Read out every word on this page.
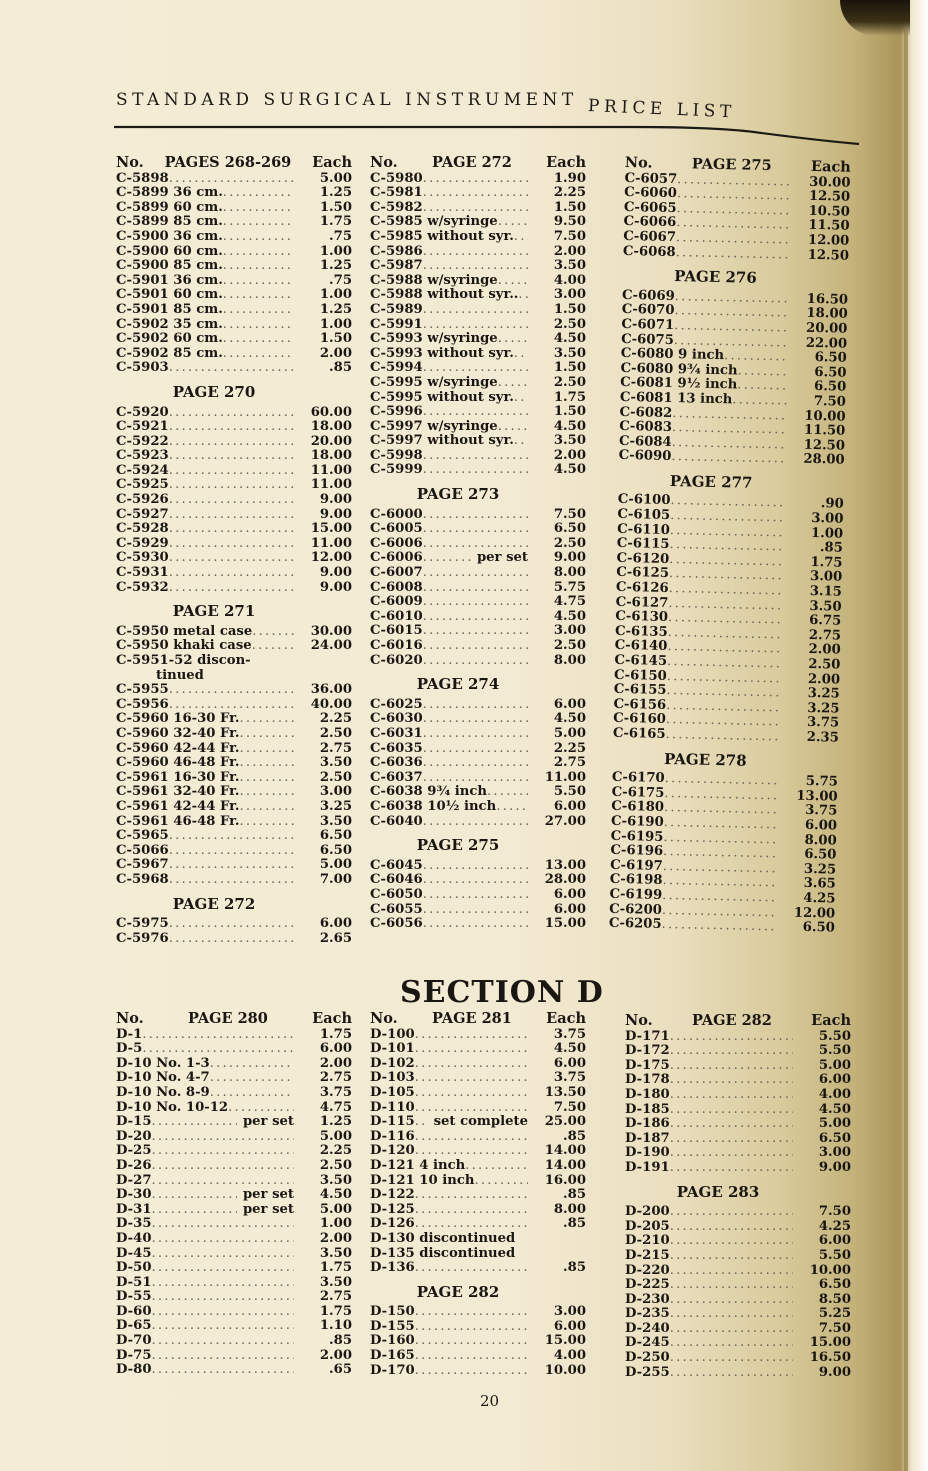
STANDARD SURGICAL INSTRUMENT PRICE LIST
No.	PAGES 268-269	Each
C-5898 .....	5.00
C-5899 36 cm. .....	1.25
C-5899 60 cm. .....	1.50
C-5899 85 cm. .....	1.75
C-5900 36 cm. .....	.75
C-5900 60 cm. .....	1.00
C-5900 85 cm. .....	1.25
C-5901 36 cm. .....	.75
C-5901 60 cm. .....	1.00
C-5901 85 cm. .....	1.25
C-5902 35 cm. .....	1.00
C-5902 60 cm. .....	1.50
C-5902 85 cm. .....	2.00
C-5903 .....	.85
PAGE 270
C-5920 .....	60.00
C-5921 .....	18.00
C-5922 .....	20.00
C-5923 .....	18.00
C-5924 .....	11.00
C-5925 .....	11.00
C-5926 .....	9.00
C-5927 .....	9.00
C-5928 .....	15.00
C-5929 .....	11.00
C-5930 .....	12.00
C-5931 .....	9.00
C-5932 .....	9.00
PAGE 271
C-5950 metal case .....	30.00
C-5950 khaki case .....	24.00
C-5951-52 discon-
tinued
C-5955 .....	36.00
C-5956 .....	40.00
C-5960 16-30 Fr. .....	2.25
C-5960 32-40 Fr. .....	2.50
C-5960 42-44 Fr. .....	2.75
C-5960 46-48 Fr. .....	3.50
C-5961 16-30 Fr. .....	2.50
C-5961 32-40 Fr. .....	3.00
C-5961 42-44 Fr. .....	3.25
C-5961 46-48 Fr. .....	3.50
C-5965 .....	6.50
C-5066 .....	6.50
C-5967 .....	5.00
C-5968 .....	7.00
PAGE 272
C-5975 .....	6.00
C-5976 .....	2.65
No.	PAGE 272	Each
C-5980 .....	1.90
C-5981 .....	2.25
C-5982 .....	1.50
C-5985 w/syringe .....	9.50
C-5985 without syr. .....	7.50
C-5986 .....	2.00
C-5987 .....	3.50
C-5988 w/syringe .....	4.00
C-5988 without syr.. .....	3.00
C-5989 .....	1.50
C-5991 .....	2.50
C-5993 w/syringe .....	4.50
C-5993 without syr. .....	3.50
C-5994 .....	1.50
C-5995 w/syringe .....	2.50
C-5995 without syr. .....	1.75
C-5996 .....	1.50
C-5997 w/syringe .....	4.50
C-5997 without syr. .....	3.50
C-5998 .....	2.00
C-5999 .....	4.50
PAGE 273
C-6000 .....	7.50
C-6005 .....	6.50
C-6006 .....	2.50
C-6006 .....	per set	9.00
C-6007 .....	8.00
C-6008 .....	5.75
C-6009 .....	4.75
C-6010 .....	4.50
C-6015 .....	3.00
C-6016 .....	2.50
C-6020 .....	8.00
PAGE 274
C-6025 .....	6.00
C-6030 .....	4.50
C-6031 .....	5.00
C-6035 .....	2.25
C-6036 .....	2.75
C-6037 .....	11.00
C-6038 9¾ inch .....	5.50
C-6038 10½ inch .....	6.00
C-6040 .....	27.00
PAGE 275
C-6045 .....	13.00
C-6046 .....	28.00
C-6050 .....	6.00
C-6055 .....	6.00
C-6056 .....	15.00
No.	PAGE 275	Each
C-6057 .....	30.00
C-6060 .....	12.50
C-6065 .....	10.50
C-6066 .....	11.50
C-6067 .....	12.00
C-6068 .....	12.50
PAGE 276
C-6069 .....	16.50
C-6070 .....	18.00
C-6071 .....	20.00
C-6075 .....	22.00
C-6080 9 inch .....	6.50
C-6080 9¾ inch .....	6.50
C-6081 9½ inch .....	6.50
C-6081 13 inch .....	7.50
C-6082 .....	10.00
C-6083 .....	11.50
C-6084 .....	12.50
C-6090 .....	28.00
PAGE 277
C-6100 .....	.90
C-6105 .....	3.00
C-6110 .....	1.00
C-6115 .....	.85
C-6120 .....	1.75
C-6125 .....	3.00
C-6126 .....	3.15
C-6127 .....	3.50
C-6130 .....	6.75
C-6135 .....	2.75
C-6140 .....	2.00
C-6145 .....	2.50
C-6150 .....	2.00
C-6155 .....	3.25
C-6156 .....	3.25
C-6160 .....	3.75
C-6165 .....	2.35
PAGE 278
C-6170 .....	5.75
C-6175 .....	13.00
C-6180 .....	3.75
C-6190 .....	6.00
C-6195 .....	8.00
C-6196 .....	6.50
C-6197 .....	3.25
C-6198 .....	3.65
C-6199 .....	4.25
C-6200 .....	12.00
C-6205 .....	6.50
SECTION D
No.	PAGE 280	Each
D-1 .....	1.75
D-5 .....	6.00
D-10 No. 1-3 .....	2.00
D-10 No. 4-7 .....	2.75
D-10 No. 8-9 .....	3.75
D-10 No. 10-12 .....	4.75
D-15 .....	per set	1.25
D-20 .....	5.00
D-25 .....	2.25
D-26 .....	2.50
D-27 .....	3.50
D-30 .....	per set	4.50
D-31 .....	per set	5.00
D-35 .....	1.00
D-40 .....	2.00
D-45 .....	3.50
D-50 .....	1.75
D-51 .....	3.50
D-55 .....	2.75
D-60 .....	1.75
D-65 .....	1.10
D-70 .....	.85
D-75 .....	2.00
D-80 .....	.65
No.	PAGE 281	Each
D-100 .....	3.75
D-101 .....	4.50
D-102 .....	6.00
D-103 .....	3.75
D-105 .....	13.50
D-110 .....	7.50
D-115 ..... set complete	25.00
D-116 .....	.85
D-120 .....	14.00
D-121 4 inch .....	14.00
D-121 10 inch .....	16.00
D-122 .....	.85
D-125 .....	8.00
D-126 .....	.85
D-130 discontinued
D-135 discontinued
D-136 .....	.85
PAGE 282
D-150 .....	3.00
D-155 .....	6.00
D-160 .....	15.00
D-165 .....	4.00
D-170 .....	10.00
No.	PAGE 282	Each
D-171 .....	5.50
D-172 .....	5.50
D-175 .....	5.00
D-178 .....	6.00
D-180 .....	4.00
D-185 .....	4.50
D-186 .....	5.00
D-187 .....	6.50
D-190 .....	3.00
D-191 .....	9.00
PAGE 283
D-200 .....	7.50
D-205 .....	4.25
D-210 .....	6.00
D-215 .....	5.50
D-220 .....	10.00
D-225 .....	6.50
D-230 .....	8.50
D-235 .....	5.25
D-240 .....	7.50
D-245 .....	15.00
D-250 .....	16.50
D-255 .....	9.00
20
